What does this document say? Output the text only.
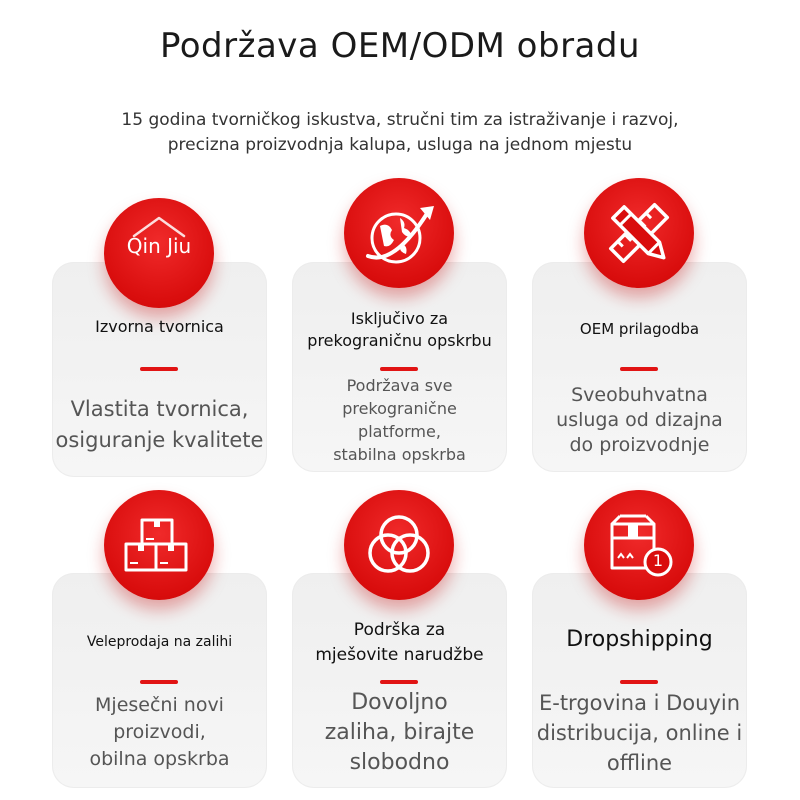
Podržava OEM/ODM obradu
15 godina tvorničkog iskustva, stručni tim za istraživanje i razvoj,
precizna proizvodnja kalupa, usluga na jednom mjestu
Qin Jiu
Izvorna tvornica
Vlastita tvornica,
osiguranje kvalitete
Isključivo za
prekograničnu opskrbu
Podržava sve
prekogranične
platforme,
stabilna opskrba
OEM prilagodba
Sveobuhvatna
usluga od dizajna
do proizvodnje
Veleprodaja na zalihi
Mjesečni novi
proizvodi,
obilna opskrba
Podrška za
mješovite narudžbe
Dovoljno
zaliha, birajte
slobodno
1
Dropshipping
E-trgovina i Douyin
distribucija, online i
offline
